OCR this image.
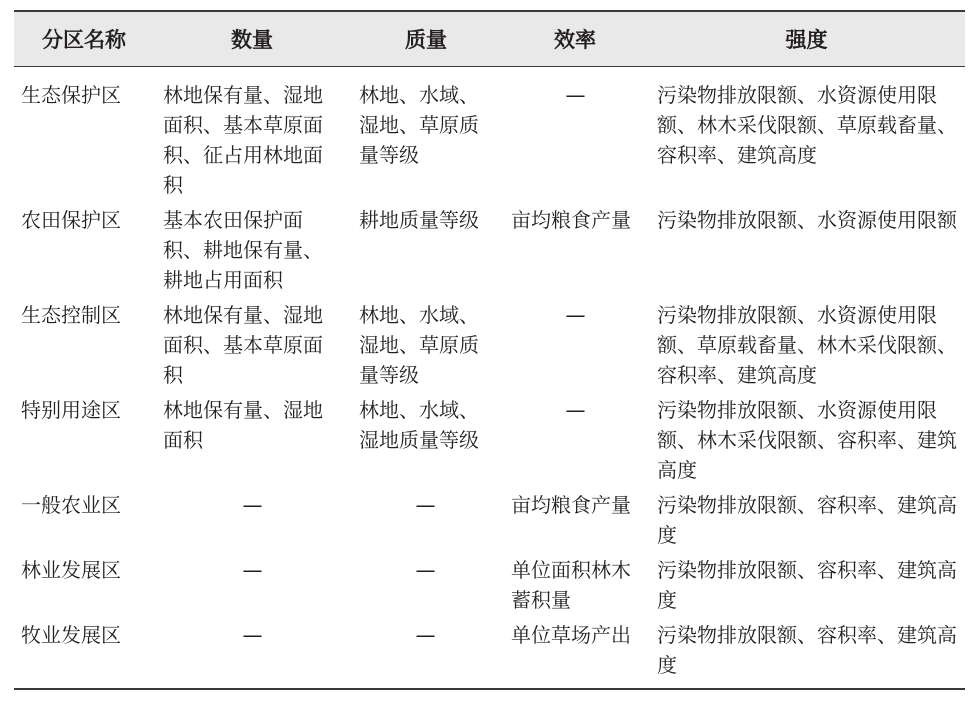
分区名称	数量	质量	效率	强度
生态保护区	林地保有量、湿地面积、基本草原面积、征占用林地面积	林地、水域、湿地、草原质量等级	—	污染物排放限额、水资源使用限额、林木采伐限额、草原载畜量、容积率、建筑高度
农田保护区	基本农田保护面积、耕地保有量、耕地占用面积	耕地质量等级	亩均粮食产量	污染物排放限额、水资源使用限额
生态控制区	林地保有量、湿地面积、基本草原面积	林地、水域、湿地、草原质量等级	—	污染物排放限额、水资源使用限额、草原载畜量、林木采伐限额、容积率、建筑高度
特别用途区	林地保有量、湿地面积	林地、水域、湿地质量等级	—	污染物排放限额、水资源使用限额、林木采伐限额、容积率、建筑高度
一般农业区	—	—	亩均粮食产量	污染物排放限额、容积率、建筑高度
林业发展区	—	—	单位面积林木蓄积量	污染物排放限额、容积率、建筑高度
牧业发展区	—	—	单位草场产出	污染物排放限额、容积率、建筑高度
